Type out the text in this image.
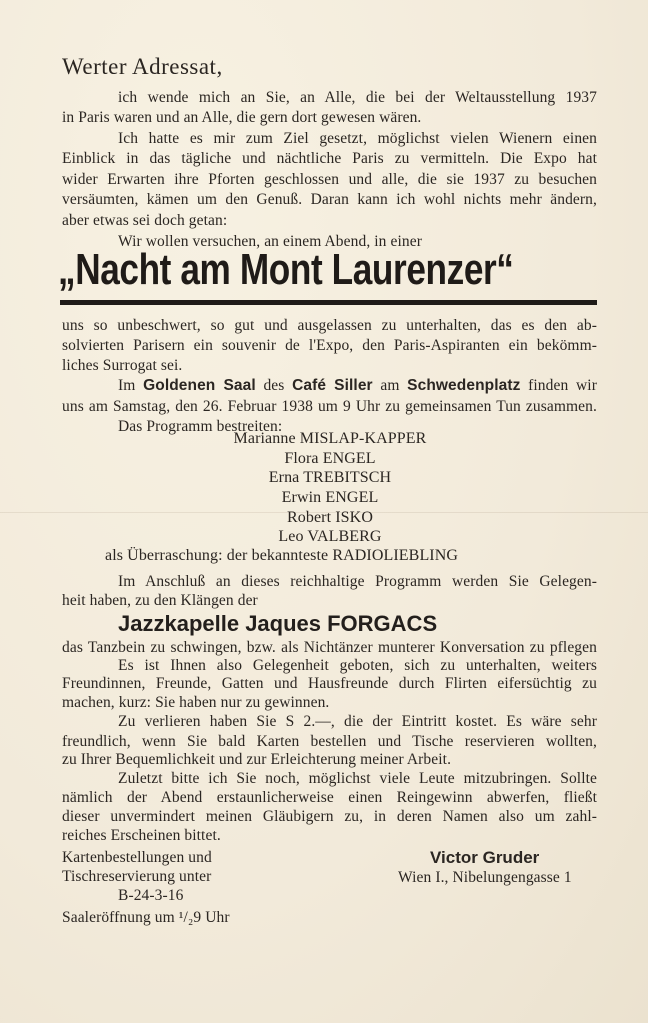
Werter Adressat,
ich wende mich an Sie, an Alle, die bei der Weltausstellung 1937
in Paris waren und an Alle, die gern dort gewesen wären.
Ich hatte es mir zum Ziel gesetzt, möglichst vielen Wienern einen
Einblick in das tägliche und nächtliche Paris zu vermitteln. Die Expo hat
wider Erwarten ihre Pforten geschlossen und alle, die sie 1937 zu besuchen
versäumten, kämen um den Genuß. Daran kann ich wohl nichts mehr ändern,
aber etwas sei doch getan:
Wir wollen versuchen, an einem Abend, in einer
„Nacht am Mont Laurenzer“
uns so unbeschwert, so gut und ausgelassen zu unterhalten, das es den ab-
solvierten Parisern ein souvenir de l'Expo, den Paris-Aspiranten ein bekömm-
liches Surrogat sei.
Im Goldenen Saal des Café Siller am Schwedenplatz finden wir
uns am Samstag, den 26. Februar 1938 um 9 Uhr zu gemeinsamen Tun zusammen.
Das Programm bestreiten:
Marianne MISLAP-KAPPER
Flora ENGEL
Erna TREBITSCH
Erwin ENGEL
Robert ISKO
Leo VALBERG
als Überraschung: der bekannteste RADIOLIEBLING
Im Anschluß an dieses reichhaltige Programm werden Sie Gelegen-
heit haben, zu den Klängen der
Jazzkapelle Jaques FORGACS
das Tanzbein zu schwingen, bzw. als Nichtänzer munterer Konversation zu pflegen
Es ist Ihnen also Gelegenheit geboten, sich zu unterhalten, weiters
Freundinnen, Freunde, Gatten und Hausfreunde durch Flirten eifersüchtig zu
machen, kurz: Sie haben nur zu gewinnen.
Zu verlieren haben Sie S 2.—, die der Eintritt kostet. Es wäre sehr
freundlich, wenn Sie bald Karten bestellen und Tische reservieren wollten,
zu Ihrer Bequemlichkeit und zur Erleichterung meiner Arbeit.
Zuletzt bitte ich Sie noch, möglichst viele Leute mitzubringen. Sollte
nämlich der Abend erstaunlicherweise einen Reingewinn abwerfen, fließt
dieser unvermindert meinen Gläubigern zu, in deren Namen also um zahl-
reiches Erscheinen bittet.
Kartenbestellungen und
Tischreservierung unter
B-24-3-16
Saaleröffnung um ¹/₂9 Uhr
Victor Gruder
Wien I., Nibelungengasse 1
